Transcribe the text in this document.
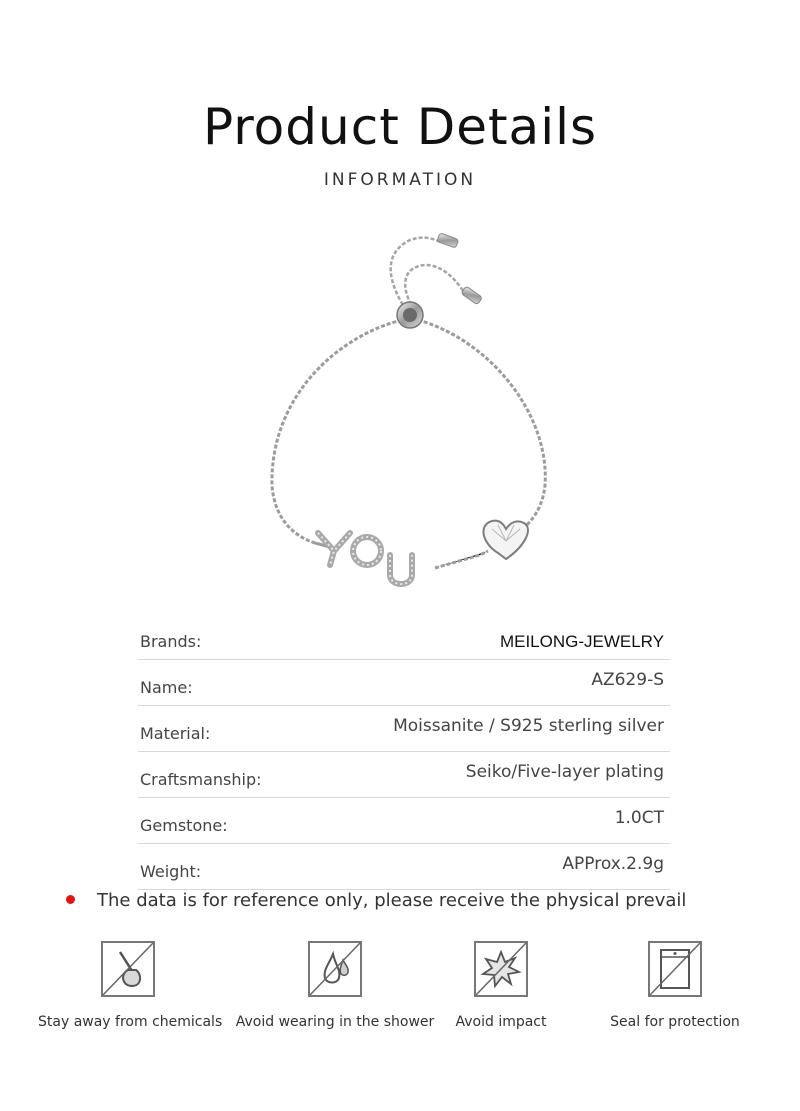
Product Details
INFORMATION
Brands:	MEILONG-JEWELRY
Name:	AZ629-S
Material:	Moissanite / S925 sterling silver
Craftsmanship:	Seiko/Five-layer plating
Gemstone:	1.0CT
Weight:	APProx.2.9g
The data is for reference only, please receive the physical prevail
Stay away from chemicals Avoid wearing in the shower	Avoid impact	Seal for protection
